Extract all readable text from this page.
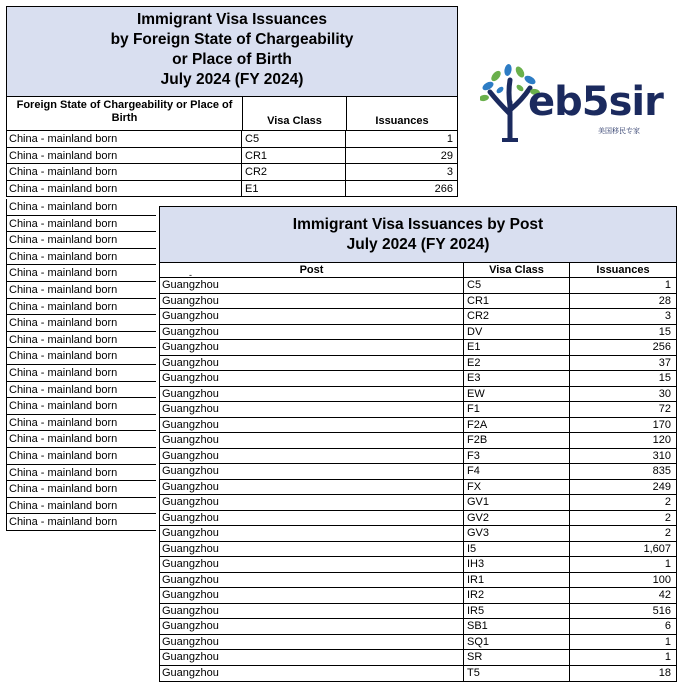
Immigrant Visa Issuances
by Foreign State of Chargeability
or Place of Birth
July 2024 (FY 2024)
Foreign State of Chargeability or Place of Birth	Visa Class	Issuances
China - mainland born	C5	1
China - mainland born	CR1	29
China - mainland born	CR2	3
China - mainland born	E1	266
China - mainland born
China - mainland born
China - mainland born
China - mainland born
China - mainland born
China - mainland born
China - mainland born
China - mainland born
China - mainland born
China - mainland born
China - mainland born
China - mainland born
China - mainland born
China - mainland born
China - mainland born
China - mainland born
China - mainland born
China - mainland born
China - mainland born
China - mainland born
eb5sir
美国移民专家
Immigrant Visa Issuances by Post
July 2024 (FY 2024)
-	Post	Visa Class	Issuances
Guangzhou	C5	1
Guangzhou	CR1	28
Guangzhou	CR2	3
Guangzhou	DV	15
Guangzhou	E1	256
Guangzhou	E2	37
Guangzhou	E3	15
Guangzhou	EW	30
Guangzhou	F1	72
Guangzhou	F2A	170
Guangzhou	F2B	120
Guangzhou	F3	310
Guangzhou	F4	835
Guangzhou	FX	249
Guangzhou	GV1	2
Guangzhou	GV2	2
Guangzhou	GV3	2
Guangzhou	I5	1,607
Guangzhou	IH3	1
Guangzhou	IR1	100
Guangzhou	IR2	42
Guangzhou	IR5	516
Guangzhou	SB1	6
Guangzhou	SQ1	1
Guangzhou	SR	1
Guangzhou	T5	18
